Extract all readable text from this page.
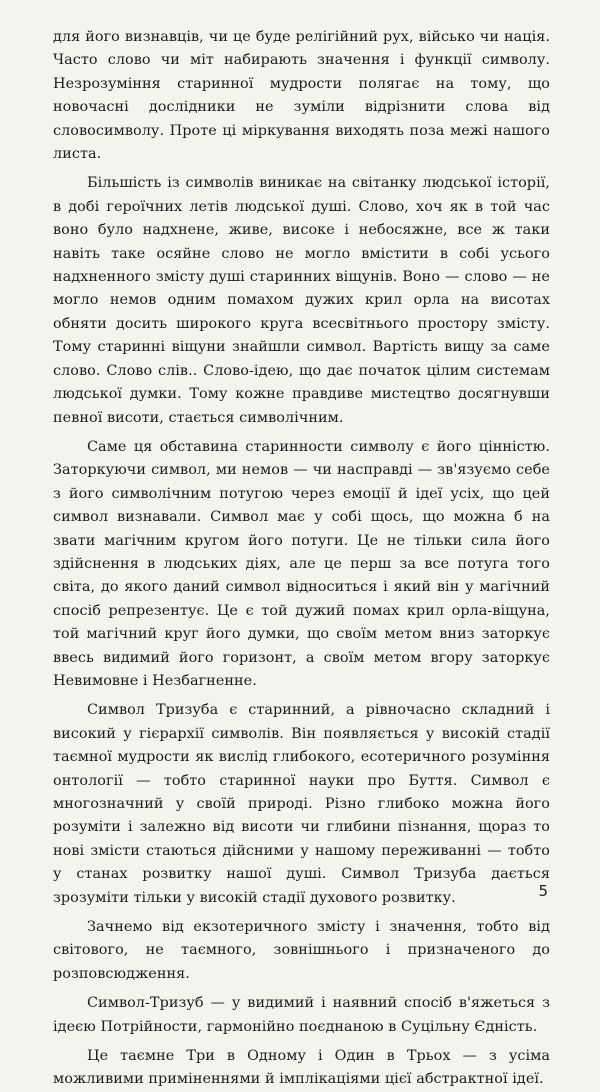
для його визнавців, чи це буде релігійний рух, військо чи нація. Часто слово чи міт набирають значення і функції символу. Незрозуміння старинної мудрости полягає на тому, що новочасні дослідники не зуміли відрізнити слова від словосимволу. Проте ці міркування виходять поза межі нашого листа.

Більшість із символів виникає на світанку людської історії, в добі героїчних летів людської душі. Слово, хоч як в той час воно було надхнене, живе, високе і небосяжне, все ж таки навіть таке осяйне слово не могло вмістити в собі усього надхненного змісту душі старинних віщунів. Воно — слово — не могло немов одним помахом дужих крил орла на висотах обняти досить широкого круга всесвітнього простору змісту. Тому старинні віщуни знайшли символ. Вартість вищу за саме слово. Слово слів.. Слово-ідею, що дає початок цілим системам людської думки. Тому кожне правдиве мистецтво досягнувши певної висоти, стається символічним.

Саме ця обставина старинности символу є його цінністю. Заторкуючи символ, ми немов — чи насправді — зв'язуємо себе з його символічним потугою через емоції й ідеї усіх, що цей символ визнавали. Символ має у собі щось, що можна б на звати магічним кругом його потуги. Це не тільки сила його здійснення в людських діях, але це перш за все потуга того світа, до якого даний символ відноситься і який він у магічний спосіб репрезентує. Це є той дужий помах крил орла-віщуна, той магічний круг його думки, що своїм метом вниз заторкує ввесь видимий його горизонт, а своїм метом вгору заторкує Невимовне і Незбагненне.

Символ Тризуба є старинний, а рівночасно складний і високий у гієрархії символів. Він появляється у високій стадії таємної мудрости як вислід глибокого, есотеричного розуміння онтології — тобто старинної науки про Буття. Символ є многозначний у своїй природі. Різно глибоко можна його розуміти і залежно від висоти чи глибини пізнання, щораз то нові змісти стаються дійсними у нашому переживанні — тобто у станах розвитку нашої душі. Символ Тризуба дається зрозуміти тільки у високій стадії духового розвитку.

Зачнемо від екзотеричного змісту і значення, тобто від світового, не таємного, зовнішнього і призначеного до розповсюдження.

Символ-Тризуб — у видимий і наявний спосіб в'яжеться з ідеєю Потрійности, гармонійно поєднаною в Суцільну Єдність.

Це таємне Три в Одному і Один в Трьох — з усіма можливими приміненнями й імплікаціями цієї абстрактної ідеї.

5
